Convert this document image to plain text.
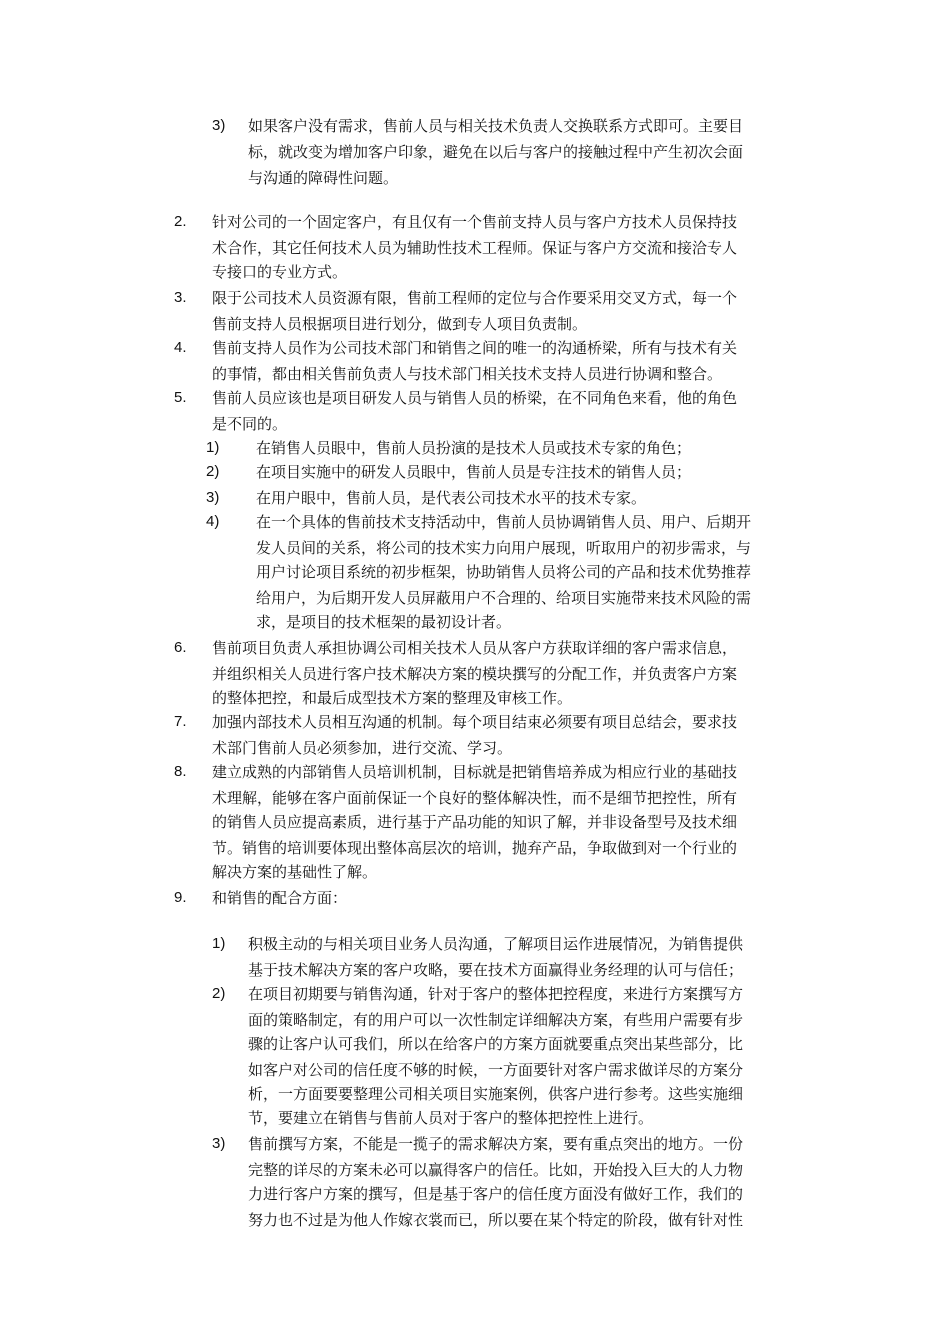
3) 如果客户没有需求，售前人员与相关技术负责人交换联系方式即可。主要目
标，就改变为增加客户印象，避免在以后与客户的接触过程中产生初次会面
与沟通的障碍性问题。
2. 针对公司的一个固定客户，有且仅有一个售前支持人员与客户方技术人员保持技
术合作，其它任何技术人员为辅助性技术工程师。保证与客户方交流和接洽专人
专接口的专业方式。
3. 限于公司技术人员资源有限，售前工程师的定位与合作要采用交叉方式，每一个
售前支持人员根据项目进行划分，做到专人项目负责制。
4. 售前支持人员作为公司技术部门和销售之间的唯一的沟通桥梁，所有与技术有关
的事情，都由相关售前负责人与技术部门相关技术支持人员进行协调和整合。
5. 售前人员应该也是项目研发人员与销售人员的桥梁，在不同角色来看，他的角色
是不同的。
1) 在销售人员眼中，售前人员扮演的是技术人员或技术专家的角色；
2) 在项目实施中的研发人员眼中，售前人员是专注技术的销售人员；
3) 在用户眼中，售前人员，是代表公司技术水平的技术专家。
4) 在一个具体的售前技术支持活动中，售前人员协调销售人员、用户、后期开
发人员间的关系，将公司的技术实力向用户展现，听取用户的初步需求，与
用户讨论项目系统的初步框架，协助销售人员将公司的产品和技术优势推荐
给用户，为后期开发人员屏蔽用户不合理的、给项目实施带来技术风险的需
求，是项目的技术框架的最初设计者。
6. 售前项目负责人承担协调公司相关技术人员从客户方获取详细的客户需求信息，
并组织相关人员进行客户技术解决方案的模块撰写的分配工作，并负责客户方案
的整体把控，和最后成型技术方案的整理及审核工作。
7. 加强内部技术人员相互沟通的机制。每个项目结束必须要有项目总结会，要求技
术部门售前人员必须参加，进行交流、学习。
8. 建立成熟的内部销售人员培训机制，目标就是把销售培养成为相应行业的基础技
术理解，能够在客户面前保证一个良好的整体解决性，而不是细节把控性，所有
的销售人员应提高素质，进行基于产品功能的知识了解，并非设备型号及技术细
节。销售的培训要体现出整体高层次的培训，抛弃产品，争取做到对一个行业的
解决方案的基础性了解。
9. 和销售的配合方面：
1) 积极主动的与相关项目业务人员沟通，了解项目运作进展情况，为销售提供
基于技术解决方案的客户攻略，要在技术方面赢得业务经理的认可与信任；
2) 在项目初期要与销售沟通，针对于客户的整体把控程度，来进行方案撰写方
面的策略制定，有的用户可以一次性制定详细解决方案，有些用户需要有步
骤的让客户认可我们，所以在给客户的方案方面就要重点突出某些部分，比
如客户对公司的信任度不够的时候，一方面要针对客户需求做详尽的方案分
析，一方面要要整理公司相关项目实施案例，供客户进行参考。这些实施细
节，要建立在销售与售前人员对于客户的整体把控性上进行。
3) 售前撰写方案，不能是一揽子的需求解决方案，要有重点突出的地方。一份
完整的详尽的方案未必可以赢得客户的信任。比如，开始投入巨大的人力物
力进行客户方案的撰写，但是基于客户的信任度方面没有做好工作，我们的
努力也不过是为他人作嫁衣裳而已，所以要在某个特定的阶段，做有针对性
